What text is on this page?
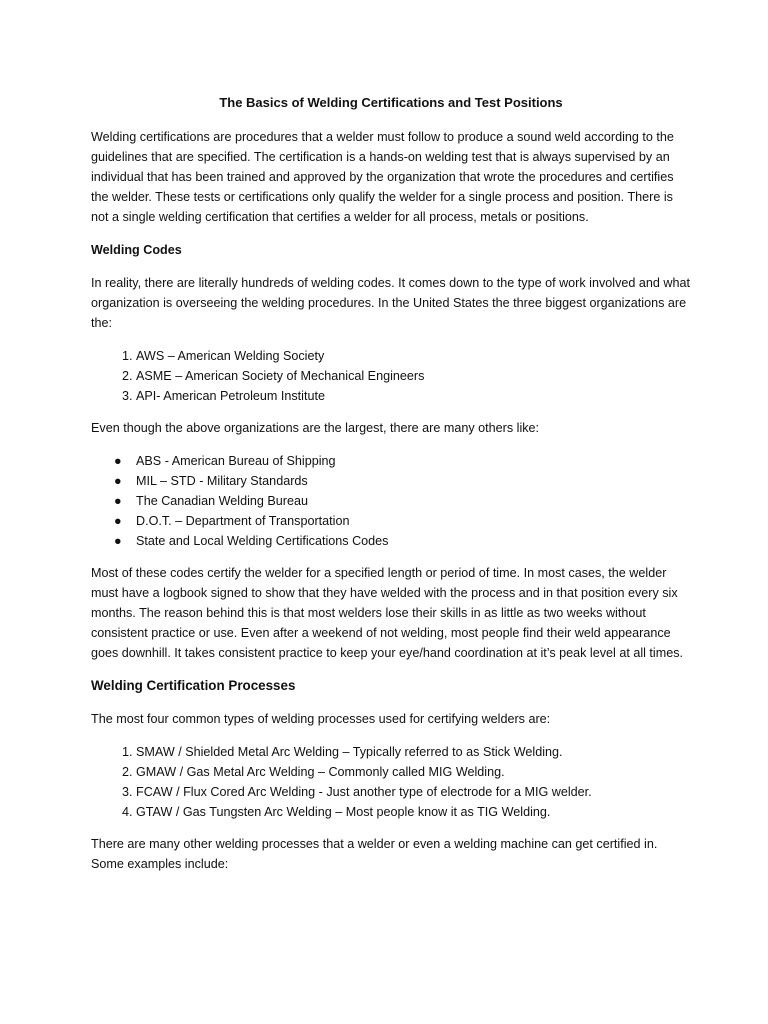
The Basics of Welding Certifications and Test Positions

Welding certifications are procedures that a welder must follow to produce a sound weld according to the guidelines that are specified. The certification is a hands-on welding test that is always supervised by an individual that has been trained and approved by the organization that wrote the procedures and certifies the welder. These tests or certifications only qualify the welder for a single process and position. There is not a single welding certification that certifies a welder for all process, metals or positions.

Welding Codes

In reality, there are literally hundreds of welding codes. It comes down to the type of work involved and what organization is overseeing the welding procedures. In the United States the three biggest organizations are the:

1. AWS – American Welding Society
2. ASME – American Society of Mechanical Engineers
3. API- American Petroleum Institute

Even though the above organizations are the largest, there are many others like:

● ABS - American Bureau of Shipping
● MIL – STD - Military Standards
● The Canadian Welding Bureau
● D.O.T. – Department of Transportation
● State and Local Welding Certifications Codes

Most of these codes certify the welder for a specified length or period of time. In most cases, the welder must have a logbook signed to show that they have welded with the process and in that position every six months. The reason behind this is that most welders lose their skills in as little as two weeks without consistent practice or use. Even after a weekend of not welding, most people find their weld appearance goes downhill. It takes consistent practice to keep your eye/hand coordination at it’s peak level at all times.

Welding Certification Processes

The most four common types of welding processes used for certifying welders are:

1. SMAW / Shielded Metal Arc Welding – Typically referred to as Stick Welding.
2. GMAW / Gas Metal Arc Welding – Commonly called MIG Welding.
3. FCAW / Flux Cored Arc Welding - Just another type of electrode for a MIG welder.
4. GTAW / Gas Tungsten Arc Welding – Most people know it as TIG Welding.

There are many other welding processes that a welder or even a welding machine can get certified in. Some examples include:
